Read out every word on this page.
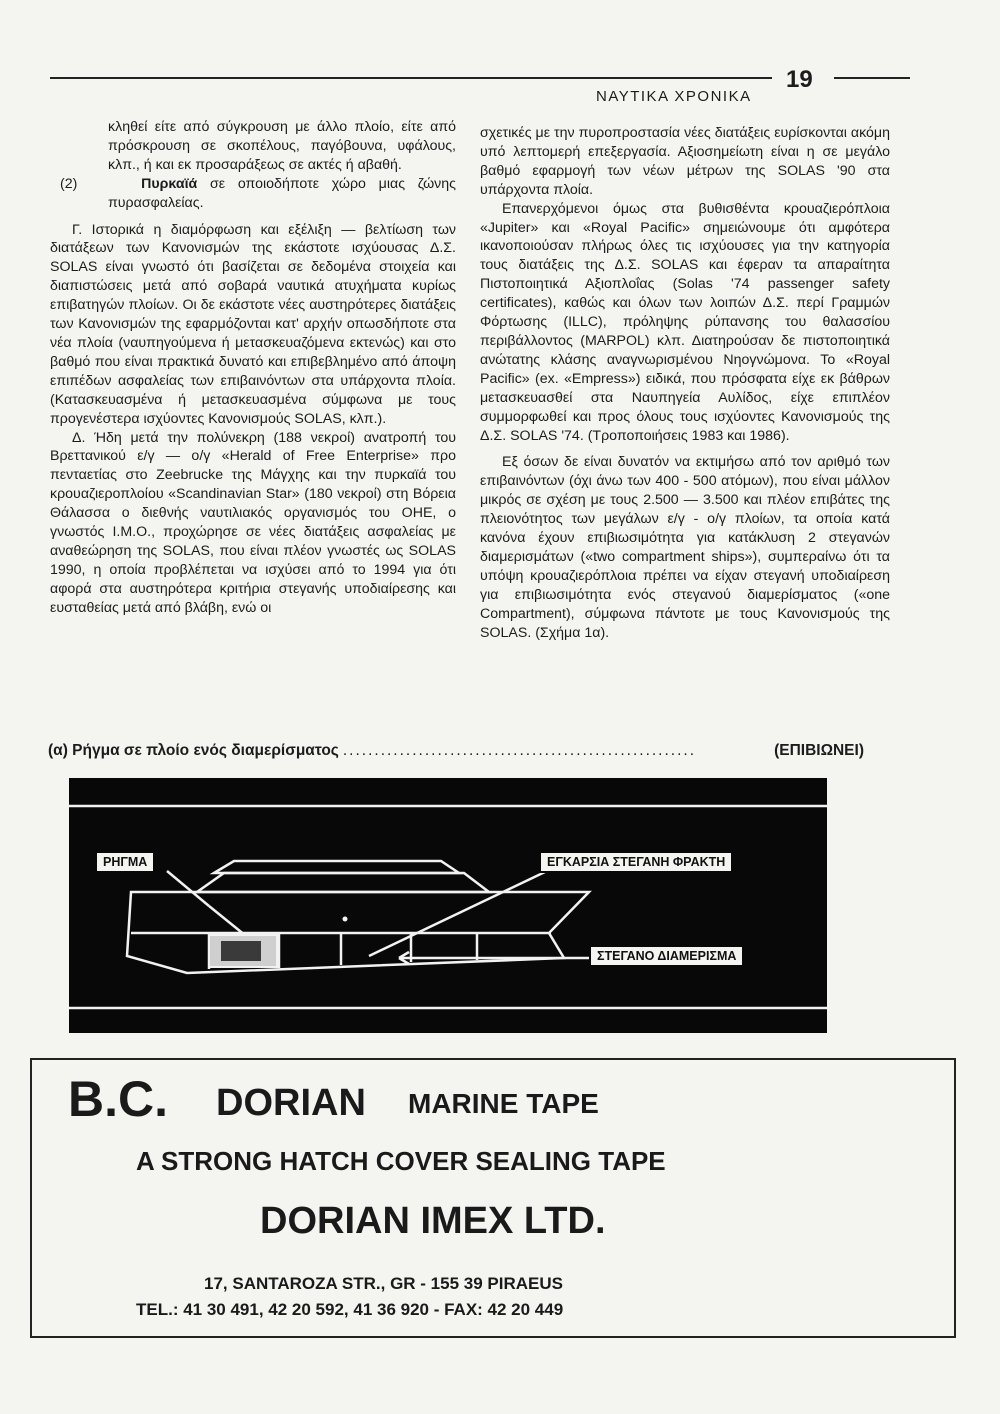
19
ΝΑΥΤΙΚΑ ΧΡΟΝΙΚΑ

κληθεί είτε από σύγκρουση με άλλο πλοίο, είτε από πρόσκρουση σε σκοπέλους, παγόβουνα, υφάλους, κλπ., ή και εκ προσαράξεως σε ακτές ή αβαθή.

(2)	Πυρκαϊά σε οποιοδήποτε χώρο μιας ζώνης πυρασφαλείας.

Γ. Ιστορικά η διαμόρφωση και εξέλιξη — βελτίωση των διατάξεων των Κανονισμών της εκάστοτε ισχύουσας Δ.Σ. SOLAS είναι γνωστό ότι βασίζεται σε δεδομένα στοιχεία και διαπιστώσεις μετά από σοβαρά ναυτικά ατυχήματα κυρίως επιβατηγών πλοίων. Οι δε εκάστοτε νέες αυστηρότερες διατάξεις των Κανονισμών της εφαρμόζονται κατ' αρχήν οπωσδήποτε στα νέα πλοία (ναυπηγούμενα ή μετασκευαζόμενα εκτενώς) και στο βαθμό που είναι πρακτικά δυνατό και επιβεβλημένο από άποψη επιπέδων ασφαλείας των επιβαινόντων στα υπάρχοντα πλοία. (Κατασκευασμένα ή μετασκευασμένα σύμφωνα με τους προγενέστερα ισχύοντες Κανονισμούς SOLAS, κλπ.).

Δ. Ήδη μετά την πολύνεκρη (188 νεκροί) ανατροπή του Βρεττανικού ε/γ — ο/γ «Herald of Free Enterprise» προ πενταετίας στο Zeebrucke της Μάγχης και την πυρκαϊά του κρουαζιεροπλοίου «Scandinavian Star» (180 νεκροί) στη Βόρεια Θάλασσα ο διεθνής ναυτιλιακός οργανισμός του ΟΗΕ, ο γνωστός I.M.O., προχώρησε σε νέες διατάξεις ασφαλείας με αναθεώρηση της SOLAS, που είναι πλέον γνωστές ως SOLAS 1990, η οποία προβλέπεται να ισχύσει από το 1994 για ότι αφορά στα αυστηρότερα κριτήρια στεγανής υποδιαίρεσης και ευσταθείας μετά από βλάβη, ενώ οι

σχετικές με την πυροπροστασία νέες διατάξεις ευρίσκονται ακόμη υπό λεπτομερή επεξεργασία. Αξιοσημείωτη είναι η σε μεγάλο βαθμό εφαρμογή των νέων μέτρων της SOLAS '90 στα υπάρχοντα πλοία.

Επανερχόμενοι όμως στα βυθισθέντα κρουαζιερόπλοια «Jupiter» και «Royal Pacific» σημειώνουμε ότι αμφότερα ικανοποιούσαν πλήρως όλες τις ισχύουσες για την κατηγορία τους διατάξεις της Δ.Σ. SOLAS και έφεραν τα απαραίτητα Πιστοποιητικά Αξιοπλοΐας (Solas '74 passenger safety certificates), καθώς και όλων των λοιπών Δ.Σ. περί Γραμμών Φόρτωσης (ILLC), πρόληψης ρύπανσης του θαλασσίου περιβάλλοντος (MARPOL) κλπ. Διατηρούσαν δε πιστοποιητικά ανώτατης κλάσης αναγνωρισμένου Νηογνώμονα. Το «Royal Pacific» (ex. «Empress») ειδικά, που πρόσφατα είχε εκ βάθρων μετασκευασθεί στα Ναυπηγεία Αυλίδος, είχε επιπλέον συμμορφωθεί και προς όλους τους ισχύοντες Κανονισμούς της Δ.Σ. SOLAS '74. (Τροποποιήσεις 1983 και 1986).

Εξ όσων δε είναι δυνατόν να εκτιμήσω από τον αριθμό των επιβαινόντων (όχι άνω των 400 - 500 ατόμων), που είναι μάλλον μικρός σε σχέση με τους 2.500 — 3.500 και πλέον επιβάτες της πλειονότητος των μεγάλων ε/γ - ο/γ πλοίων, τα οποία κατά κανόνα έχουν επιβιωσιμότητα για κατάκλυση 2 στεγανών διαμερισμάτων («two compartment ships»), συμπεραίνω ότι τα υπόψη κρουαζιερόπλοια πρέπει να είχαν στεγανή υποδιαίρεση για επιβιωσιμότητα ενός στεγανού διαμερίσματος («one Compartment), σύμφωνα πάντοτε με τους Κανονισμούς της SOLAS. (Σχήμα 1α).

(α) Ρήγμα σε πλοίο ενός διαμερίσματος ........................................................	(ΕΠΙΒΙΩΝΕΙ)
ΡΗΓΜΑ	ΕΓΚΑΡΣΙΑ ΣΤΕΓΑΝΗ ΦΡΑΚΤΗ
ΣΤΕΓΑΝΟ ΔΙΑΜΕΡΙΣΜΑ
B.C. DORIAN MARINE TAPE
A STRONG HATCH COVER SEALING TAPE
DORIAN IMEX LTD.
17, SANTAROZA STR., GR - 155 39 PIRAEUS
TEL.: 41 30 491, 42 20 592, 41 36 920 - FAX: 42 20 449
